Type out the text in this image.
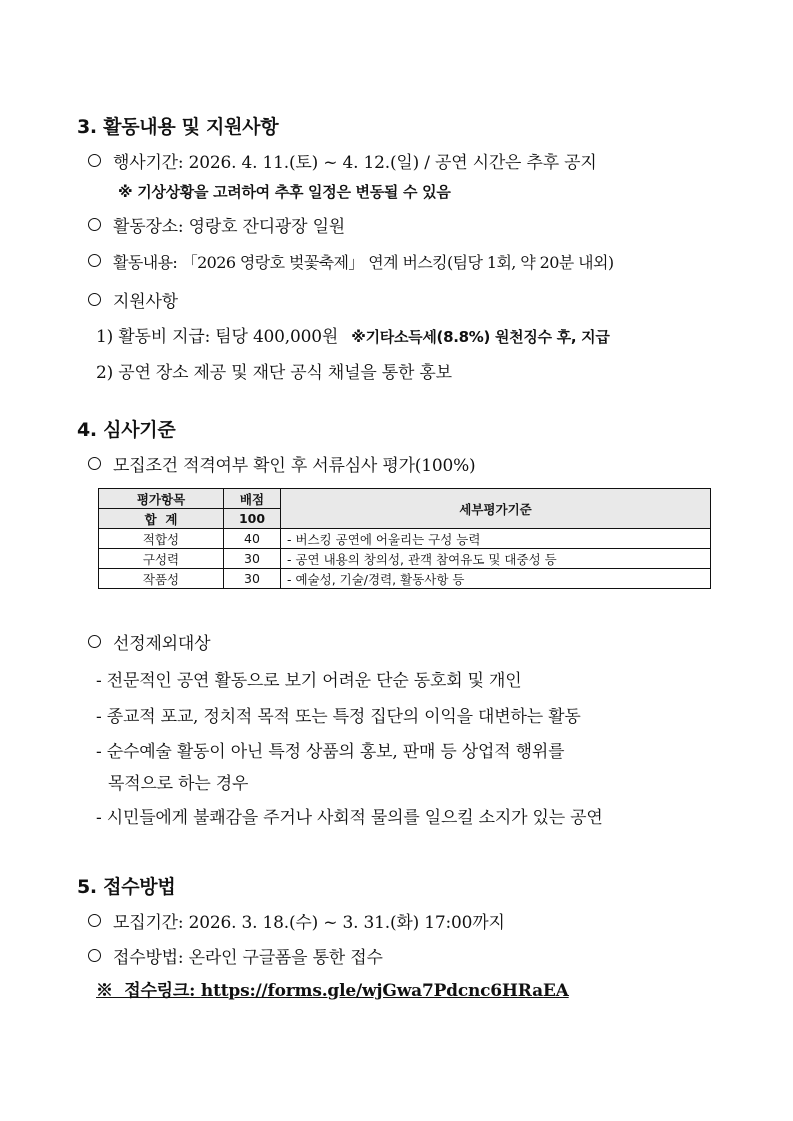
3. 활동내용 및 지원사항
행사기간: 2026. 4. 11.(토) ~ 4. 12.(일) / 공연 시간은 추후 공지
※ 기상상황을 고려하여 추후 일정은 변동될 수 있음
활동장소: 영랑호 잔디광장 일원
활동내용: 「2026 영랑호 벚꽃축제」 연계 버스킹(팀당 1회, 약 20분 내외)
지원사항
1) 활동비 지급: 팀당 400,000원 ※기타소득세(8.8%) 원천징수 후, 지급
2) 공연 장소 제공 및 재단 공식 채널을 통한 홍보
4. 심사기준
모집조건 적격여부 확인 후 서류심사 평가(100%)
평가항목	배점	세부평가기준
합  계	100	
적합성	40	- 버스킹 공연에 어울리는 구성 능력
구성력	30	- 공연 내용의 창의성, 관객 참여유도 및 대중성 등
작품성	30	- 예술성, 기술/경력, 활동사항 등
선정제외대상
- 전문적인 공연 활동으로 보기 어려운 단순 동호회 및 개인
- 종교적 포교, 정치적 목적 또는 특정 집단의 이익을 대변하는 활동
- 순수예술 활동이 아닌 특정 상품의 홍보, 판매 등 상업적 행위를
목적으로 하는 경우
- 시민들에게 불쾌감을 주거나 사회적 물의를 일으킬 소지가 있는 공연
5. 접수방법
모집기간: 2026. 3. 18.(수) ~ 3. 31.(화) 17:00까지
접수방법: 온라인 구글폼을 통한 접수
※  접수링크: https://forms.gle/wjGwa7Pdcnc6HRaEA
